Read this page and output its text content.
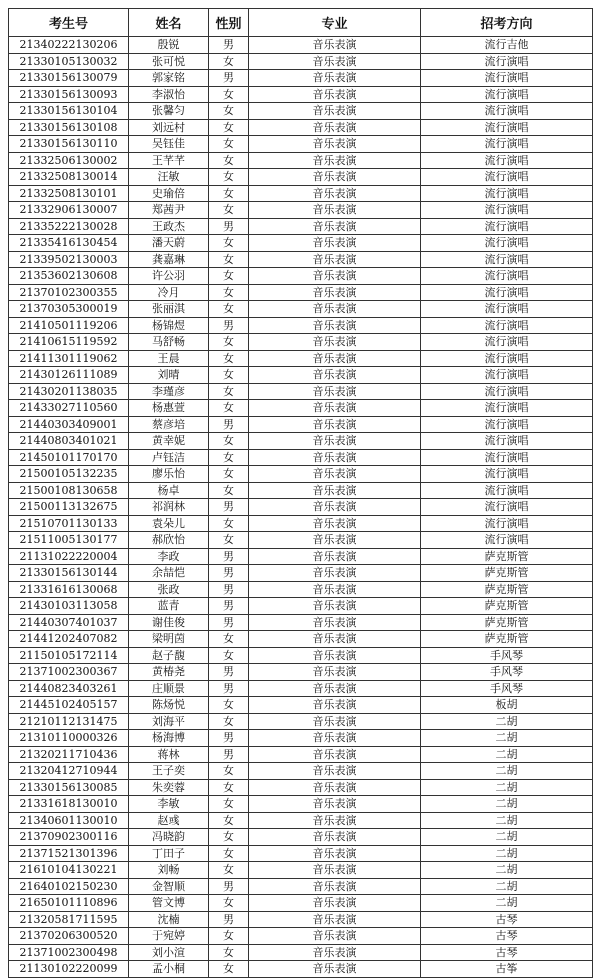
考生号	姓名	性别	专业	招考方向
21340222130206	殷锐	男	音乐表演	流行吉他
21330105130032	张可悦	女	音乐表演	流行演唱
21330156130079	郭家铭	男	音乐表演	流行演唱
21330156130093	李淑怡	女	音乐表演	流行演唱
21330156130104	张馨匀	女	音乐表演	流行演唱
21330156130108	刘远村	女	音乐表演	流行演唱
21330156130110	吴钰佳	女	音乐表演	流行演唱
21332506130002	王芊芊	女	音乐表演	流行演唱
21332508130014	汪敏	女	音乐表演	流行演唱
21332508130101	史瑜倍	女	音乐表演	流行演唱
21332906130007	郑茜尹	女	音乐表演	流行演唱
21335222130028	王政杰	男	音乐表演	流行演唱
21335416130454	潘天蔚	女	音乐表演	流行演唱
21339502130003	龚嘉琳	女	音乐表演	流行演唱
21353602130608	许公羽	女	音乐表演	流行演唱
21370102300355	冷月	女	音乐表演	流行演唱
21370305300019	张丽淇	女	音乐表演	流行演唱
21410501119206	杨锦煜	男	音乐表演	流行演唱
21410615119592	马舒畅	女	音乐表演	流行演唱
21411301119062	王晨	女	音乐表演	流行演唱
21430126111089	刘晴	女	音乐表演	流行演唱
21430201138035	李瑾彦	女	音乐表演	流行演唱
21433027110560	杨惠萱	女	音乐表演	流行演唱
21440303409001	蔡彦培	男	音乐表演	流行演唱
21440803401021	黄幸妮	女	音乐表演	流行演唱
21450101170170	卢钰洁	女	音乐表演	流行演唱
21500105132235	廖乐怡	女	音乐表演	流行演唱
21500108130658	杨卓	女	音乐表演	流行演唱
21500113132675	祁润林	男	音乐表演	流行演唱
21510701130133	袁朵儿	女	音乐表演	流行演唱
21511005130177	郝欣怡	女	音乐表演	流行演唱
21131022220004	李政	男	音乐表演	萨克斯管
21330156130144	余喆恺	男	音乐表演	萨克斯管
21331616130068	张政	男	音乐表演	萨克斯管
21430103113058	蓝青	男	音乐表演	萨克斯管
21440307401037	谢佳俊	男	音乐表演	萨克斯管
21441202407082	梁明茵	女	音乐表演	萨克斯管
21150105172114	赵子馥	女	音乐表演	手风琴
21371002300367	黄椿尧	男	音乐表演	手风琴
21440823403261	庄顺景	男	音乐表演	手风琴
21445102405157	陈炀悦	女	音乐表演	板胡
21210112131475	刘海平	女	音乐表演	二胡
21310110000326	杨海博	男	音乐表演	二胡
21320211710436	蒋林	男	音乐表演	二胡
21320412710944	王子奕	女	音乐表演	二胡
21330156130085	朱奕蓉	女	音乐表演	二胡
21331618130010	李敏	女	音乐表演	二胡
21340601130010	赵彧	女	音乐表演	二胡
21370902300116	冯晓韵	女	音乐表演	二胡
21371521301396	丁田子	女	音乐表演	二胡
21610104130221	刘畅	女	音乐表演	二胡
21640102150230	金智顺	男	音乐表演	二胡
21650101110896	管文博	女	音乐表演	二胡
21320581711595	沈楠	男	音乐表演	古琴
21370206300520	于宛婷	女	音乐表演	古琴
21371002300498	刘小渲	女	音乐表演	古琴
21130102220099	孟小桐	女	音乐表演	古筝
